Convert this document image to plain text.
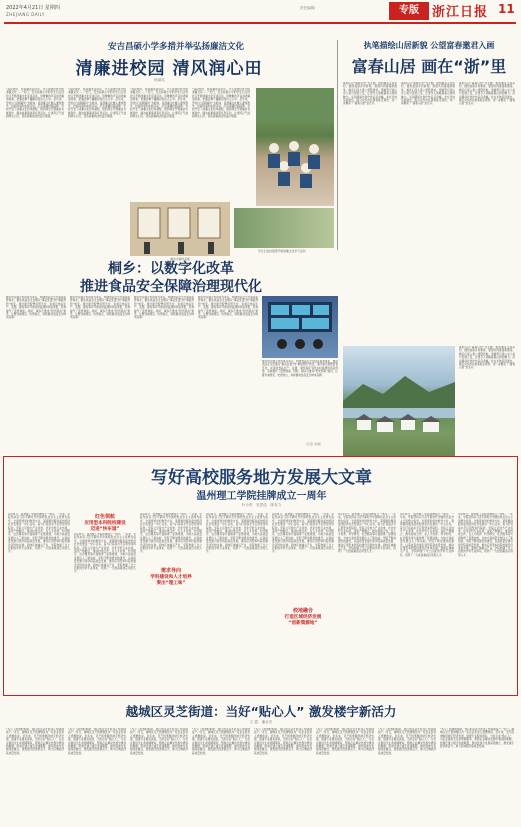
2022年4月21日 星期四
ZHEJIANG DAILY
责任编辑/	专版	浙江日报 11
安吉昌硕小学多措并举弘扬廉洁文化
清廉进校园 清风润心田
杨斌英
“叔叔您好，我是廉洁宣讲员，今天由我给您介绍清廉文化……”近日，安吉昌硕小学的学生们走进社区开展清廉文化宣讲活动，用稚嫩的声音讲述廉洁故事，把廉洁种子播撒到身边人心中。近年来，学校以“昌硕廉风”为载体，将清廉文化融入课堂教学、校园环境和实践活动，打造清廉校园品牌。学校开发了清廉文化校本课程，组织师生开展廉洁书画创作、廉洁故事演讲等系列活动，让清风正气浸润师生心田，营造崇廉尚洁的良好氛围。
“叔叔您好，我是廉洁宣讲员，今天由我给您介绍清廉文化……”近日，安吉昌硕小学的学生们走进社区开展清廉文化宣讲活动，用稚嫩的声音讲述廉洁故事，把廉洁种子播撒到身边人心中。近年来，学校以“昌硕廉风”为载体，将清廉文化融入课堂教学、校园环境和实践活动，打造清廉校园品牌。学校开发了清廉文化校本课程，组织师生开展廉洁书画创作、廉洁故事演讲等系列活动，让清风正气浸润师生心田，营造崇廉尚洁的良好氛围。
“叔叔您好，我是廉洁宣讲员，今天由我给您介绍清廉文化……”近日，安吉昌硕小学的学生们走进社区开展清廉文化宣讲活动，用稚嫩的声音讲述廉洁故事，把廉洁种子播撒到身边人心中。近年来，学校以“昌硕廉风”为载体，将清廉文化融入课堂教学、校园环境和实践活动，打造清廉校园品牌。学校开发了清廉文化校本课程，组织师生开展廉洁书画创作、廉洁故事演讲等系列活动，让清风正气浸润师生心田，营造崇廉尚洁的良好氛围。
“叔叔您好，我是廉洁宣讲员，今天由我给您介绍清廉文化……”近日，安吉昌硕小学的学生们走进社区开展清廉文化宣讲活动，用稚嫩的声音讲述廉洁故事，把廉洁种子播撒到身边人心中。近年来，学校以“昌硕廉风”为载体，将清廉文化融入课堂教学、校园环境和实践活动，打造清廉校园品牌。学校开发了清廉文化校本课程，组织师生开展廉洁书画创作、廉洁故事演讲等系列活动，让清风正气浸润师生心田，营造崇廉尚洁的良好氛围。
学生们在校园里开展清廉文化学习活动
廉洁书画作品展
执笔描绘山居新貌 公望富春邀君入画
富春山居 画在“浙”里
富阳区以“富春山居”为主题，组织画家走进乡村，描绘美丽乡村新貌，展现共同富裕新图景。画家们深入黄公望隐居地，用画笔记录山水之美与发展之变，让更多人领略富春山居的魅力。活动期间共创作作品百余幅，并在多地巡回展出，吸引众多市民游客驻足观赏，进一步擦亮了“富春山居”金名片。
富阳区以“富春山居”为主题，组织画家走进乡村，描绘美丽乡村新貌，展现共同富裕新图景。画家们深入黄公望隐居地，用画笔记录山水之美与发展之变，让更多人领略富春山居的魅力。活动期间共创作作品百余幅，并在多地巡回展出，吸引众多市民游客驻足观赏，进一步擦亮了“富春山居”金名片。
富阳区以“富春山居”为主题，组织画家走进乡村，描绘美丽乡村新貌，展现共同富裕新图景。画家们深入黄公望隐居地，用画笔记录山水之美与发展之变，让更多人领略富春山居的魅力。活动期间共创作作品百余幅，并在多地巡回展出，吸引众多市民游客驻足观赏，进一步擦亮了“富春山居”金名片。
富阳区以“富春山居”为主题，组织画家走进乡村，描绘美丽乡村新貌，展现共同富裕新图景。画家们深入黄公望隐居地，用画笔记录山水之美与发展之变，让更多人领略富春山居的魅力。活动期间共创作作品百余幅，并在多地巡回展出，吸引众多市民游客驻足观赏，进一步擦亮了“富春山居”金名片。
桐乡：以数字化改革
推进食品安全保障治理现代化
桐乡市以数字化改革为牵引，构建食品安全全链条监管体系，推动食品安全治理从“事后处置”向“事前预防”转变。通过建设智慧监管平台，实现对食品生产、流通、餐饮等环节的实时监测和风险预警，有效提升了监管效能。同时，桐乡还推进“阳光厨房”建设，让群众看得见、吃得放心，持续擦亮食品安全城市品牌。
桐乡市以数字化改革为牵引，构建食品安全全链条监管体系，推动食品安全治理从“事后处置”向“事前预防”转变。通过建设智慧监管平台，实现对食品生产、流通、餐饮等环节的实时监测和风险预警，有效提升了监管效能。同时，桐乡还推进“阳光厨房”建设，让群众看得见、吃得放心，持续擦亮食品安全城市品牌。
桐乡市以数字化改革为牵引，构建食品安全全链条监管体系，推动食品安全治理从“事后处置”向“事前预防”转变。通过建设智慧监管平台，实现对食品生产、流通、餐饮等环节的实时监测和风险预警，有效提升了监管效能。同时，桐乡还推进“阳光厨房”建设，让群众看得见、吃得放心，持续擦亮食品安全城市品牌。
桐乡市以数字化改革为牵引，构建食品安全全链条监管体系，推动食品安全治理从“事后处置”向“事前预防”转变。通过建设智慧监管平台，实现对食品生产、流通、餐饮等环节的实时监测和风险预警，有效提升了监管效能。同时，桐乡还推进“阳光厨房”建设，让群众看得见、吃得放心，持续擦亮食品安全城市品牌。
桐乡市以数字化改革为牵引，构建食品安全全链条监管体系，推动食品安全治理从“事后处置”向“事前预防”转变。通过建设智慧监管平台，实现对食品生产、流通、餐饮等环节的实时监测和风险预警，有效提升了监管效能。同时，桐乡还推进“阳光厨房”建设，让群众看得见、吃得放心，持续擦亮食品安全城市品牌。
（记者 李潇）
写好高校服务地方发展大文章
温州理工学院挂牌成立一周年
叶小青　吴思佳　陈有力
4月21日，温州理工学院挂牌成立一周年。一年来，学院坚持以习近平新时代中国特色社会主义思想为指导，全面贯彻党的教育方针，紧紧围绕服务温州经济社会发展这一中心任务，着力打造高水平应用型本科院校。学院立足地方产业需求，优化学科专业布局，深化产教融合，推动校地合作，在人才培养、科学研究、社会服务等方面取得了显著成效，为地方高质量发展注入了新动能。学院不断加强党的建设，以高质量党建引领学院高质量发展，推动应用型本科院校建设迈进快车道。面向区域重点产业，学院构建了与之匹配的学科专业体系，培养了一大批高素质应用型人才。
红色领航
应用型本科院校建设
迈进“快车道”
4月21日，温州理工学院挂牌成立一周年。一年来，学院坚持以习近平新时代中国特色社会主义思想为指导，全面贯彻党的教育方针，紧紧围绕服务温州经济社会发展这一中心任务，着力打造高水平应用型本科院校。学院立足地方产业需求，优化学科专业布局，深化产教融合，推动校地合作，在人才培养、科学研究、社会服务等方面取得了显著成效，为地方高质量发展注入了新动能。学院不断加强党的建设，以高质量党建引领学院高质量发展，推动应用型本科院校建设迈进快车道。面向区域重点产业，学院构建了与之匹配的学科专业体系，培养了一大批高素质应用型人才。
4月21日，温州理工学院挂牌成立一周年。一年来，学院坚持以习近平新时代中国特色社会主义思想为指导，全面贯彻党的教育方针，紧紧围绕服务温州经济社会发展这一中心任务，着力打造高水平应用型本科院校。学院立足地方产业需求，优化学科专业布局，深化产教融合，推动校地合作，在人才培养、科学研究、社会服务等方面取得了显著成效，为地方高质量发展注入了新动能。学院不断加强党的建设，以高质量党建引领学院高质量发展，推动应用型本科院校建设迈进快车道。面向区域重点产业，学院构建了与之匹配的学科专业体系，培养了一大批高素质应用型人才。
需求导向
学科建设和人才培养
奏出“理工味”
4月21日，温州理工学院挂牌成立一周年。一年来，学院坚持以习近平新时代中国特色社会主义思想为指导，全面贯彻党的教育方针，紧紧围绕服务温州经济社会发展这一中心任务，着力打造高水平应用型本科院校。学院立足地方产业需求，优化学科专业布局，深化产教融合，推动校地合作，在人才培养、科学研究、社会服务等方面取得了显著成效，为地方高质量发展注入了新动能。学院不断加强党的建设，以高质量党建引领学院高质量发展，推动应用型本科院校建设迈进快车道。面向区域重点产业，学院构建了与之匹配的学科专业体系，培养了一大批高素质应用型人才。
4月21日，温州理工学院挂牌成立一周年。一年来，学院坚持以习近平新时代中国特色社会主义思想为指导，全面贯彻党的教育方针，紧紧围绕服务温州经济社会发展这一中心任务，着力打造高水平应用型本科院校。学院立足地方产业需求，优化学科专业布局，深化产教融合，推动校地合作，在人才培养、科学研究、社会服务等方面取得了显著成效，为地方高质量发展注入了新动能。学院不断加强党的建设，以高质量党建引领学院高质量发展，推动应用型本科院校建设迈进快车道。面向区域重点产业，学院构建了与之匹配的学科专业体系，培养了一大批高素质应用型人才。
校地融合
打造区域经济发展
“创新策源地”
4月21日，温州理工学院挂牌成立一周年。一年来，学院坚持以习近平新时代中国特色社会主义思想为指导，全面贯彻党的教育方针，紧紧围绕服务温州经济社会发展这一中心任务，着力打造高水平应用型本科院校。学院立足地方产业需求，优化学科专业布局，深化产教融合，推动校地合作，在人才培养、科学研究、社会服务等方面取得了显著成效，为地方高质量发展注入了新动能。学院不断加强党的建设，以高质量党建引领学院高质量发展，推动应用型本科院校建设迈进快车道。面向区域重点产业，学院构建了与之匹配的学科专业体系，培养了一大批高素质应用型人才。
4月21日，温州理工学院挂牌成立一周年。一年来，学院坚持以习近平新时代中国特色社会主义思想为指导，全面贯彻党的教育方针，紧紧围绕服务温州经济社会发展这一中心任务，着力打造高水平应用型本科院校。学院立足地方产业需求，优化学科专业布局，深化产教融合，推动校地合作，在人才培养、科学研究、社会服务等方面取得了显著成效，为地方高质量发展注入了新动能。学院不断加强党的建设，以高质量党建引领学院高质量发展，推动应用型本科院校建设迈进快车道。面向区域重点产业，学院构建了与之匹配的学科专业体系，培养了一大批高素质应用型人才。
4月21日，温州理工学院挂牌成立一周年。一年来，学院坚持以习近平新时代中国特色社会主义思想为指导，全面贯彻党的教育方针，紧紧围绕服务温州经济社会发展这一中心任务，着力打造高水平应用型本科院校。学院立足地方产业需求，优化学科专业布局，深化产教融合，推动校地合作，在人才培养、科学研究、社会服务等方面取得了显著成效，为地方高质量发展注入了新动能。学院不断加强党的建设，以高质量党建引领学院高质量发展，推动应用型本科院校建设迈进快车道。面向区域重点产业，学院构建了与之匹配的学科专业体系，培养了一大批高素质应用型人才。
越城区灵芝街道：当好“贴心人” 激发楼宇新活力
王 霞　潘金杰
“多亏了街道的帮助，我们的企业才能这么快落地投产。”近日，越城区灵芝街道辖区内一家企业负责人感慨地说。近年来，灵芝街道围绕楼宇经济发展，组建专业服务团队，当好企业“贴心人”，为企业提供全生命周期服务，帮助企业解决发展中遇到的难题。街道还建立楼宇党建联盟，推动党建与发展深度融合，激发楼宇经济新活力，助力区域经济高质量发展。
“多亏了街道的帮助，我们的企业才能这么快落地投产。”近日，越城区灵芝街道辖区内一家企业负责人感慨地说。近年来，灵芝街道围绕楼宇经济发展，组建专业服务团队，当好企业“贴心人”，为企业提供全生命周期服务，帮助企业解决发展中遇到的难题。街道还建立楼宇党建联盟，推动党建与发展深度融合，激发楼宇经济新活力，助力区域经济高质量发展。
“多亏了街道的帮助，我们的企业才能这么快落地投产。”近日，越城区灵芝街道辖区内一家企业负责人感慨地说。近年来，灵芝街道围绕楼宇经济发展，组建专业服务团队，当好企业“贴心人”，为企业提供全生命周期服务，帮助企业解决发展中遇到的难题。街道还建立楼宇党建联盟，推动党建与发展深度融合，激发楼宇经济新活力，助力区域经济高质量发展。
“多亏了街道的帮助，我们的企业才能这么快落地投产。”近日，越城区灵芝街道辖区内一家企业负责人感慨地说。近年来，灵芝街道围绕楼宇经济发展，组建专业服务团队，当好企业“贴心人”，为企业提供全生命周期服务，帮助企业解决发展中遇到的难题。街道还建立楼宇党建联盟，推动党建与发展深度融合，激发楼宇经济新活力，助力区域经济高质量发展。
“多亏了街道的帮助，我们的企业才能这么快落地投产。”近日，越城区灵芝街道辖区内一家企业负责人感慨地说。近年来，灵芝街道围绕楼宇经济发展，组建专业服务团队，当好企业“贴心人”，为企业提供全生命周期服务，帮助企业解决发展中遇到的难题。街道还建立楼宇党建联盟，推动党建与发展深度融合，激发楼宇经济新活力，助力区域经济高质量发展。
“多亏了街道的帮助，我们的企业才能这么快落地投产。”近日，越城区灵芝街道辖区内一家企业负责人感慨地说。近年来，灵芝街道围绕楼宇经济发展，组建专业服务团队，当好企业“贴心人”，为企业提供全生命周期服务，帮助企业解决发展中遇到的难题。街道还建立楼宇党建联盟，推动党建与发展深度融合，激发楼宇经济新活力，助力区域经济高质量发展。
“多亏了街道的帮助，我们的企业才能这么快落地投产。”近日，越城区灵芝街道辖区内一家企业负责人感慨地说。近年来，灵芝街道围绕楼宇经济发展，组建专业服务团队，当好企业“贴心人”，为企业提供全生命周期服务，帮助企业解决发展中遇到的难题。街道还建立楼宇党建联盟，推动党建与发展深度融合，激发楼宇经济新活力，助力区域经济高质量发展。
“多亏了街道的帮助，我们的企业才能这么快落地投产。”近日，越城区灵芝街道辖区内一家企业负责人感慨地说。近年来，灵芝街道围绕楼宇经济发展，组建专业服务团队，当好企业“贴心人”，为企业提供全生命周期服务，帮助企业解决发展中遇到的难题。街道还建立楼宇党建联盟，推动党建与发展深度融合，激发楼宇经济新活力，助力区域经济高质量发展。
